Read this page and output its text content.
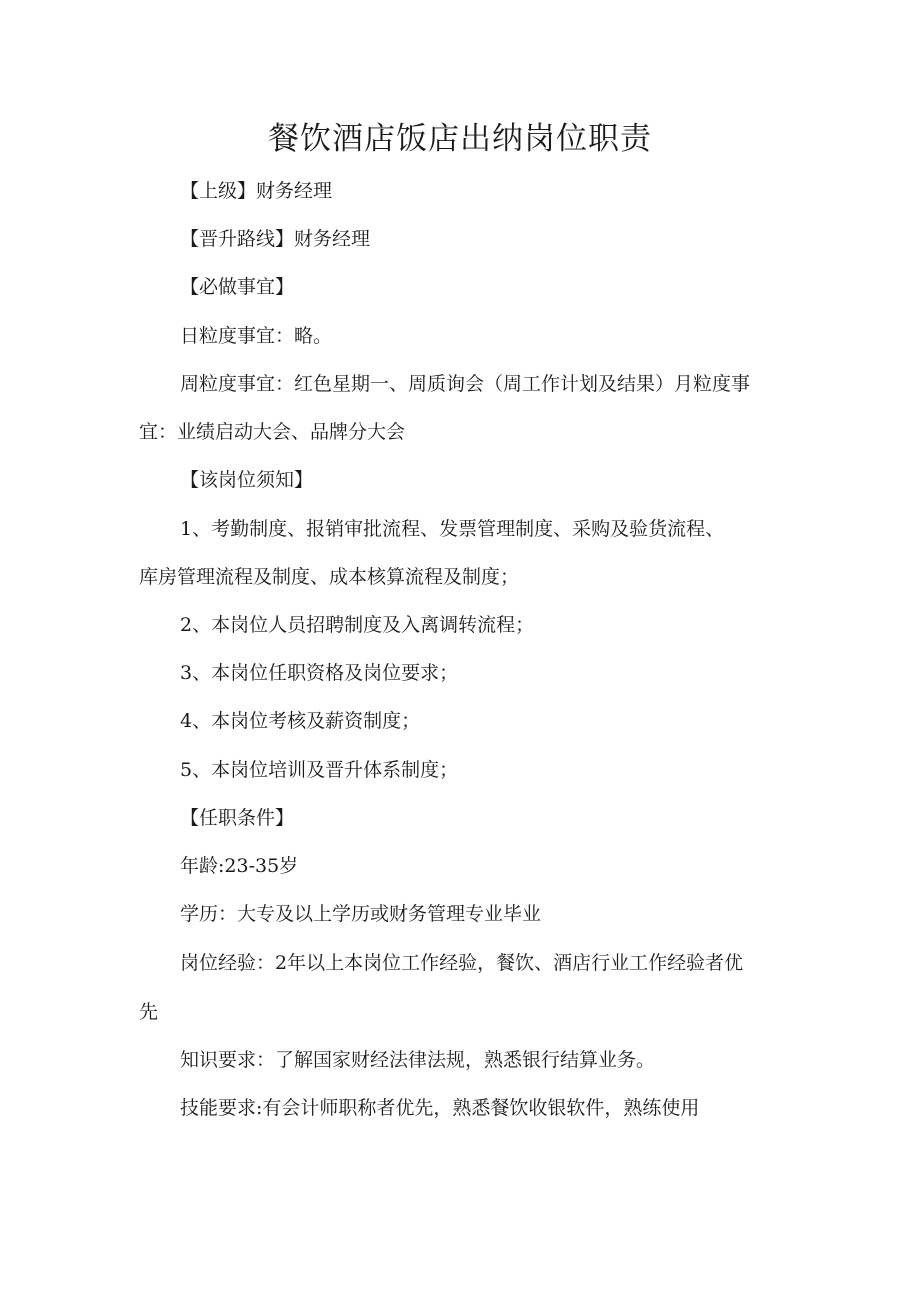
餐饮酒店饭店出纳岗位职责
【上级】财务经理
【晋升路线】财务经理
【必做事宜】
日粒度事宜：略。
周粒度事宜：红色星期一、周质询会（周工作计划及结果）月粒度事
宜：业绩启动大会、品牌分大会
【该岗位须知】
1、考勤制度、报销审批流程、发票管理制度、采购及验货流程、
库房管理流程及制度、成本核算流程及制度；
2、本岗位人员招聘制度及入离调转流程；
3、本岗位任职资格及岗位要求；
4、本岗位考核及薪资制度；
5、本岗位培训及晋升体系制度；
【任职条件】
年龄:23-35岁
学历：大专及以上学历或财务管理专业毕业
岗位经验：2年以上本岗位工作经验，餐饮、酒店行业工作经验者优
先
知识要求：了解国家财经法律法规，熟悉银行结算业务。
技能要求:有会计师职称者优先，熟悉餐饮收银软件，熟练使用
